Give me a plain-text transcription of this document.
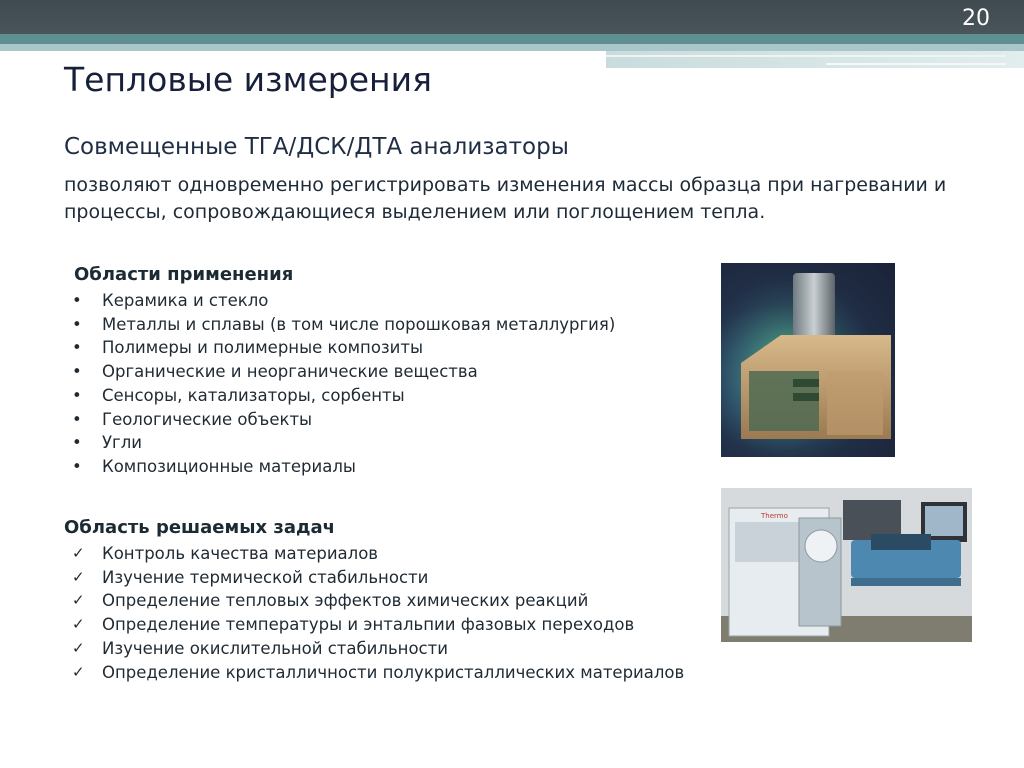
20
Тепловые измерения
Совмещенные ТГА/ДСК/ДТА анализаторы
позволяют одновременно регистрировать изменения массы образца при нагревании и процессы, сопровождающиеся выделением или поглощением тепла.
Области применения
• Керамика и стекло
• Металлы и сплавы (в том числе порошковая металлургия)
• Полимеры и полимерные композиты
• Органические и неорганические вещества
• Сенсоры, катализаторы, сорбенты
• Геологические объекты
• Угли
• Композиционные материалы
Область решаемых задач
✓ Контроль качества материалов
✓ Изучение термической стабильности
✓ Определение тепловых эффектов химических реакций
✓ Определение температуры и энтальпии фазовых переходов
✓ Изучение окислительной стабильности
✓ Определение кристалличности полукристаллических материалов
Thermo
